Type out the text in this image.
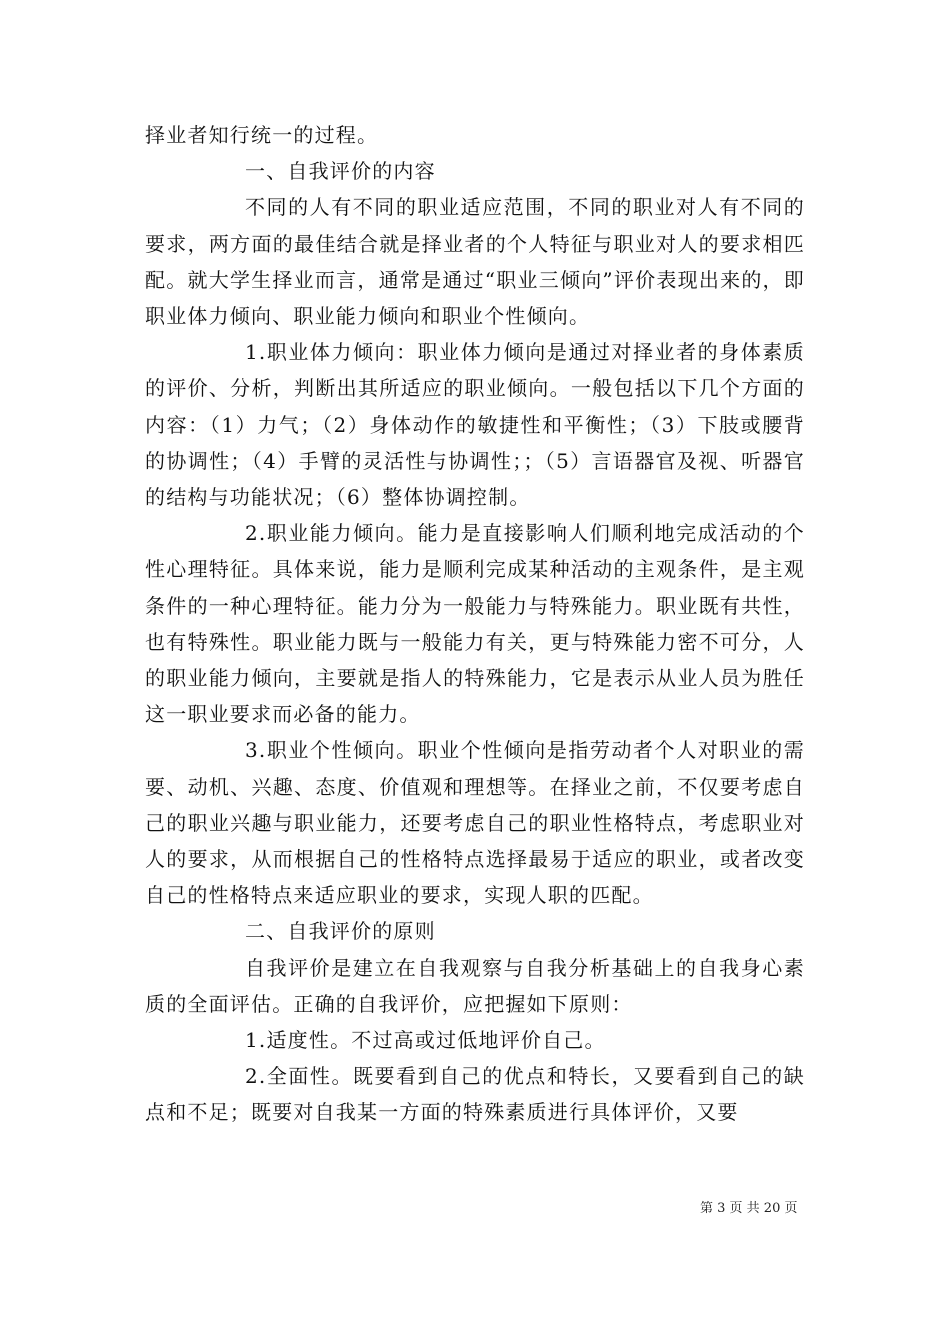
择业者知行统一的过程。

一、自我评价的内容

不同的人有不同的职业适应范围，不同的职业对人有不同的要求，两方面的最佳结合就是择业者的个人特征与职业对人的要求相匹配。就大学生择业而言，通常是通过“职业三倾向”评价表现出来的，即职业体力倾向、职业能力倾向和职业个性倾向。

1.职业体力倾向：职业体力倾向是通过对择业者的身体素质的评价、分析，判断出其所适应的职业倾向。一般包括以下几个方面的内容：（1）力气；（2）身体动作的敏捷性和平衡性；（3）下肢或腰背的协调性；（4）手臂的灵活性与协调性；；（5）言语器官及视、听器官的结构与功能状况；（6）整体协调控制。

2.职业能力倾向。能力是直接影响人们顺利地完成活动的个性心理特征。具体来说，能力是顺利完成某种活动的主观条件，是主观条件的一种心理特征。能力分为一般能力与特殊能力。职业既有共性，也有特殊性。职业能力既与一般能力有关，更与特殊能力密不可分，人的职业能力倾向，主要就是指人的特殊能力，它是表示从业人员为胜任这一职业要求而必备的能力。

3.职业个性倾向。职业个性倾向是指劳动者个人对职业的需要、动机、兴趣、态度、价值观和理想等。在择业之前，不仅要考虑自己的职业兴趣与职业能力，还要考虑自己的职业性格特点，考虑职业对人的要求，从而根据自己的性格特点选择最易于适应的职业，或者改变自己的性格特点来适应职业的要求，实现人职的匹配。

二、自我评价的原则

自我评价是建立在自我观察与自我分析基础上的自我身心素质的全面评估。正确的自我评价，应把握如下原则：

1.适度性。不过高或过低地评价自己。

2.全面性。既要看到自己的优点和特长，又要看到自己的缺点和不足；既要对自我某一方面的特殊素质进行具体评价，又要

第 3 页 共 20 页
